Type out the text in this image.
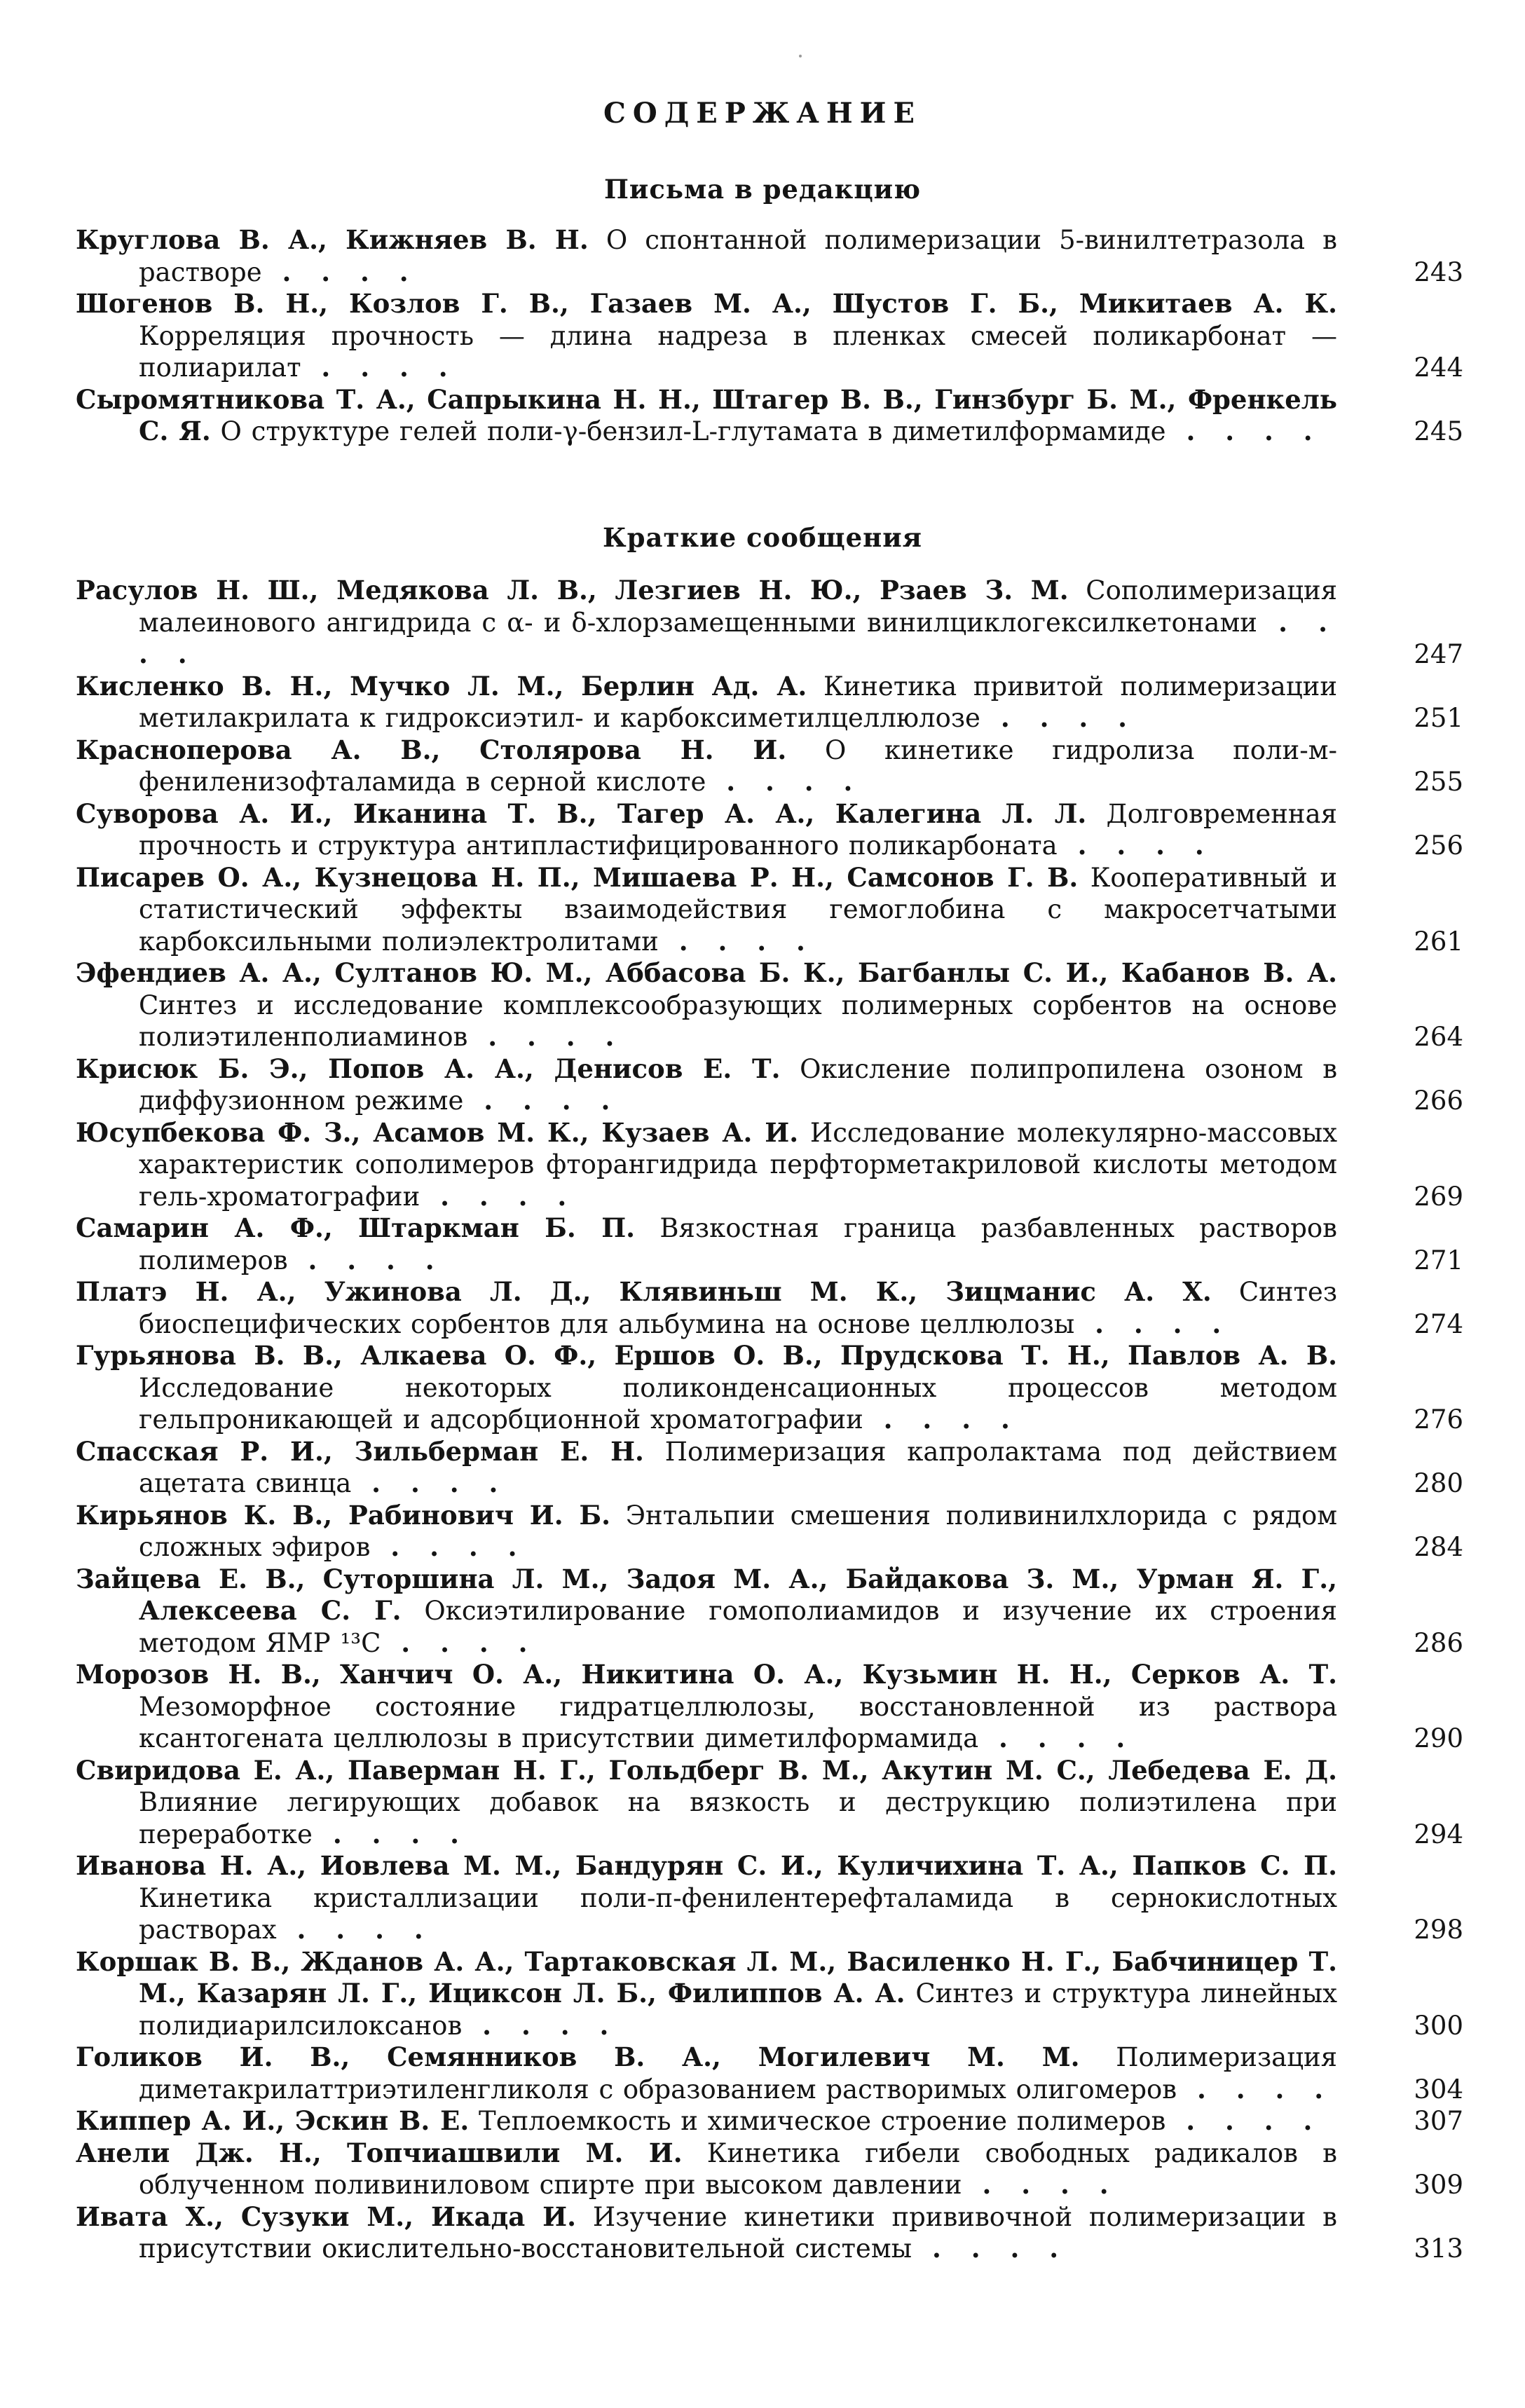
СОДЕРЖАНИЕ
Письма в редакцию
Круглова В. А., Кижняев В. Н. О спонтанной полимеризации 5-винилтетразола в растворе . . . .	243
Шогенов В. Н., Козлов Г. В., Газаев М. А., Шустов Г. Б., Микитаев А. К. Корреляция прочность — длина надреза в пленках смесей поликарбонат — полиарилат . . . .	244
Сыромятникова Т. А., Сапрыкина Н. Н., Штагер В. В., Гинзбург Б. М., Френкель С. Я. О структуре гелей поли-γ-бензил-L-глутамата в диметилформамиде . . . .	245
Краткие сообщения
Расулов Н. Ш., Медякова Л. В., Лезгиев Н. Ю., Рзаев З. М. Сополимеризация малеинового ангидрида с α- и δ-хлорзамещенными винилциклогексилкетонами . . . .	247
Кисленко В. Н., Мучко Л. М., Берлин Ад. А. Кинетика привитой полимеризации метилакрилата к гидроксиэтил- и карбоксиметилцеллюлозе . . . .	251
Красноперова А. В., Столярова Н. И. О кинетике гидролиза поли-м-фениленизофталамида в серной кислоте . . . .	255
Суворова А. И., Иканина Т. В., Тагер А. А., Калегина Л. Л. Долговременная прочность и структура антипластифицированного поликарбоната . . . .	256
Писарев О. А., Кузнецова Н. П., Мишаева Р. Н., Самсонов Г. В. Кооперативный и статистический эффекты взаимодействия гемоглобина с макросетчатыми карбоксильными полиэлектролитами . . . .	261
Эфендиев А. А., Султанов Ю. М., Аббасова Б. К., Багбанлы С. И., Кабанов В. А. Синтез и исследование комплексообразующих полимерных сорбентов на основе полиэтиленполиаминов . . . .	264
Крисюк Б. Э., Попов А. А., Денисов Е. Т. Окисление полипропилена озоном в диффузионном режиме . . . .	266
Юсупбекова Ф. З., Асамов М. К., Кузаев А. И. Исследование молекулярно-массовых характеристик сополимеров фторангидрида перфторметакриловой кислоты методом гель-хроматографии . . . .	269
Самарин А. Ф., Штаркман Б. П. Вязкостная граница разбавленных растворов полимеров . . . .	271
Платэ Н. А., Ужинова Л. Д., Клявиньш М. К., Зицманис А. Х. Синтез биоспецифических сорбентов для альбумина на основе целлюлозы . . . .	274
Гурьянова В. В., Алкаева О. Ф., Ершов О. В., Прудскова Т. Н., Павлов А. В. Исследование некоторых поликонденсационных процессов методом гельпроникающей и адсорбционной хроматографии . . . .	276
Спасская Р. И., Зильберман Е. Н. Полимеризация капролактама под действием ацетата свинца . . . .	280
Кирьянов К. В., Рабинович И. Б. Энтальпии смешения поливинилхлорида с рядом сложных эфиров . . . .	284
Зайцева Е. В., Суторшина Л. М., Задоя М. А., Байдакова З. М., Урман Я. Г., Алексеева С. Г. Оксиэтилирование гомополиамидов и изучение их строения методом ЯМР ¹³С . . . .	286
Морозов Н. В., Ханчич О. А., Никитина О. А., Кузьмин Н. Н., Серков А. Т. Мезоморфное состояние гидратцеллюлозы, восстановленной из раствора ксантогената целлюлозы в присутствии диметилформамида . . . .	290
Свиридова Е. А., Паверман Н. Г., Гольдберг В. М., Акутин М. С., Лебедева Е. Д. Влияние легирующих добавок на вязкость и деструкцию полиэтилена при переработке . . . .	294
Иванова Н. А., Иовлева М. М., Бандурян С. И., Куличихина Т. А., Папков С. П. Кинетика кристаллизации поли-п-фенилентерефталамида в сернокислотных растворах . . . .	298
Коршак В. В., Жданов А. А., Тартаковская Л. М., Василенко Н. Г., Бабчиницер Т. М., Казарян Л. Г., Ициксон Л. Б., Филиппов А. А. Синтез и структура линейных полидиарилсилоксанов . . . .	300
Голиков И. В., Семянников В. А., Могилевич М. М. Полимеризация диметакрилаттриэтиленгликоля с образованием растворимых олигомеров . . . .	304
Киппер А. И., Эскин В. Е. Теплоемкость и химическое строение полимеров . . . .	307
Анели Дж. Н., Топчиашвили М. И. Кинетика гибели свободных радикалов в облученном поливиниловом спирте при высоком давлении . . . .	309
Ивата Х., Сузуки М., Икада И. Изучение кинетики прививочной полимеризации в присутствии окислительно-восстановительной системы . . . .	313
